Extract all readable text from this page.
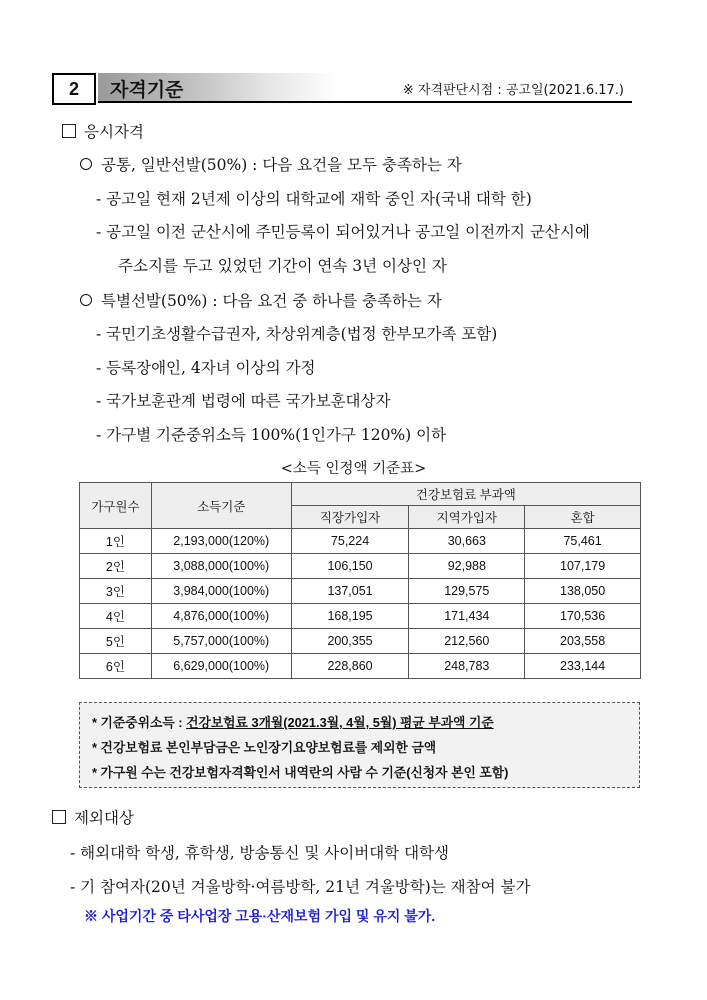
2	자격기준	※ 자격판단시점 : 공고일(2021.6.17.)
응시자격
공통, 일반선발(50%) : 다음 요건을 모두 충족하는 자
- 공고일 현재 2년제 이상의 대학교에 재학 중인 자(국내 대학 한)
- 공고일 이전 군산시에 주민등록이 되어있거나 공고일 이전까지 군산시에
주소지를 두고 있었던 기간이 연속 3년 이상인 자
특별선발(50%) : 다음 요건 중 하나를 충족하는 자
- 국민기초생활수급권자, 차상위계층(법정 한부모가족 포함)
- 등록장애인, 4자녀 이상의 가정
- 국가보훈관계 법령에 따른 국가보훈대상자
- 가구별 기준중위소득 100%(1인가구 120%) 이하
<소득 인정액 기준표>
가구원수	소득기준	건강보험료 부과액		
		직장가입자	지역가입자	혼합
1인	2,193,000(120%)	75,224	30,663	75,461
2인	3,088,000(100%)	106,150	92,988	107,179
3인	3,984,000(100%)	137,051	129,575	138,050
4인	4,876,000(100%)	168,195	171,434	170,536
5인	5,757,000(100%)	200,355	212,560	203,558
6인	6,629,000(100%)	228,860	248,783	233,144
* 기준중위소득 : 건강보험료 3개월(2021.3월, 4월, 5월) 평균 부과액 기준
* 건강보험료 본인부담금은 노인장기요양보험료를 제외한 금액
* 가구원 수는 건강보험자격확인서 내역란의 사람 수 기준(신청자 본인 포함)
제외대상
- 해외대학 학생, 휴학생, 방송통신 및 사이버대학 대학생
- 기 참여자(20년 겨울방학·여름방학, 21년 겨울방학)는 재참여 불가
※ 사업기간 중 타사업장 고용·산재보험 가입 및 유지 불가.
